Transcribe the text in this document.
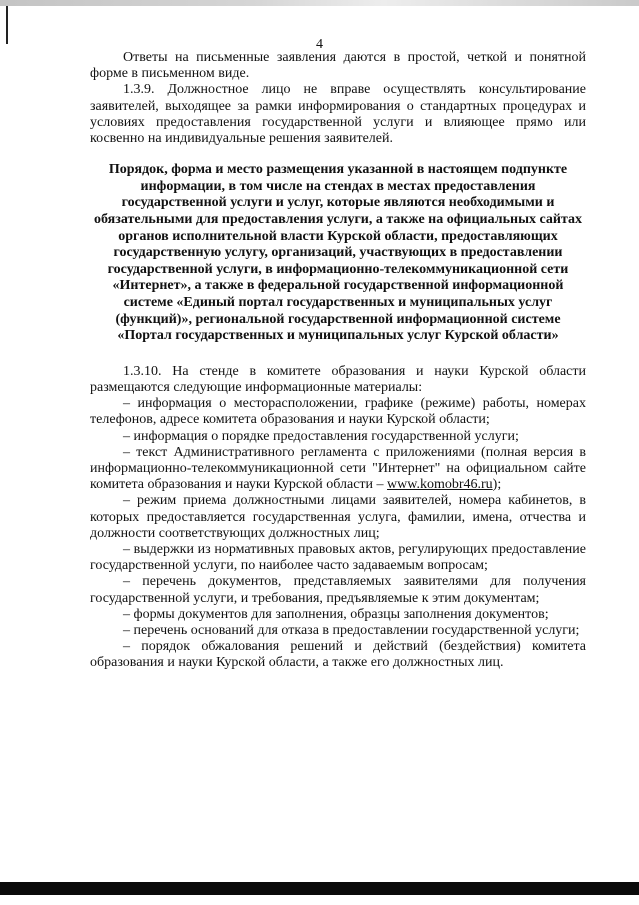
4

Ответы на письменные заявления даются в простой, четкой и понятной форме в письменном виде.

1.3.9. Должностное лицо не вправе осуществлять консультирование заявителей, выходящее за рамки информирования о стандартных процедурах и условиях предоставления государственной услуги и влияющее прямо или косвенно на индивидуальные решения заявителей.

Порядок, форма и место размещения указанной в настоящем подпункте информации, в том числе на стендах в местах предоставления государственной услуги и услуг, которые являются необходимыми и обязательными для предоставления услуги, а также на официальных сайтах органов исполнительной власти Курской области, предоставляющих государственную услугу, организаций, участвующих в предоставлении государственной услуги, в информационно-телекоммуникационной сети «Интернет», а также в федеральной государственной информационной системе «Единый портал государственных и муниципальных услуг (функций)», региональной государственной информационной системе «Портал государственных и муниципальных услуг Курской области»

1.3.10. На стенде в комитете образования и науки Курской области размещаются следующие информационные материалы:

– информация о месторасположении, графике (режиме) работы, номерах телефонов, адресе комитета образования и науки Курской области;

– информация о порядке предоставления государственной услуги;

– текст Административного регламента с приложениями (полная версия в информационно-телекоммуникационной сети "Интернет" на официальном сайте комитета образования и науки Курской области – www.komobr46.ru);

– режим приема должностными лицами заявителей, номера кабинетов, в которых предоставляется государственная услуга, фамилии, имена, отчества и должности соответствующих должностных лиц;

– выдержки из нормативных правовых актов, регулирующих предоставление государственной услуги, по наиболее часто задаваемым вопросам;

– перечень документов, представляемых заявителями для получения государственной услуги, и требования, предъявляемые к этим документам;

– формы документов для заполнения, образцы заполнения документов;

– перечень оснований для отказа в предоставлении государственной услуги;

– порядок обжалования решений и действий (бездействия) комитета образования и науки Курской области, а также его должностных лиц.
